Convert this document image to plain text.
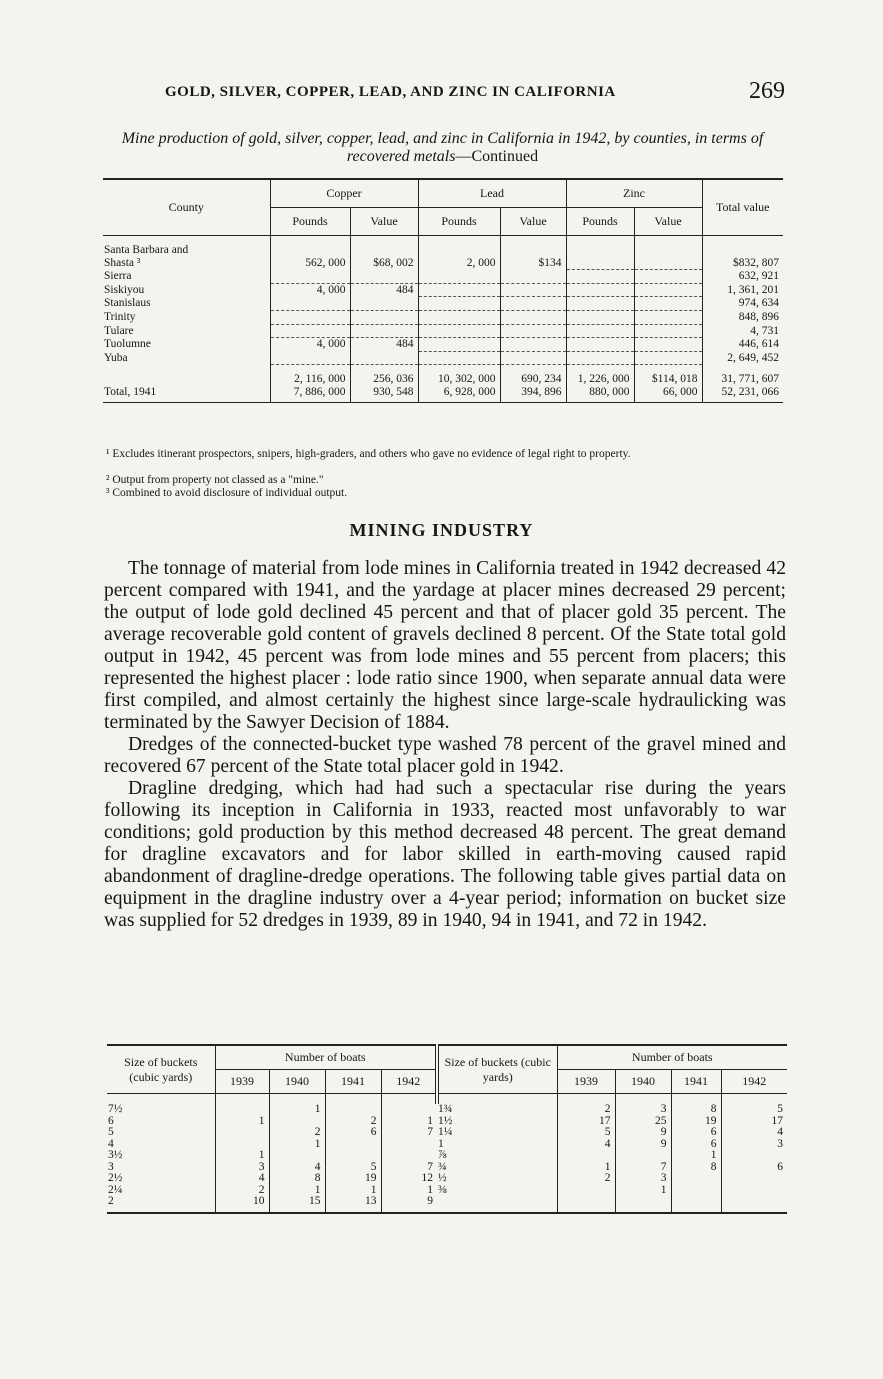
GOLD, SILVER, COPPER, LEAD, AND ZINC IN CALIFORNIA	269
Mine production of gold, silver, copper, lead, and zinc in California in 1942, by counties, in terms of recovered metals—Continued
County	Copper		Lead		Zinc		Total value
	Pounds	Value	Pounds	Value	Pounds	Value	

Santa Barbara and							
Shasta ³	562, 000	$68, 002	2, 000	$134			$832, 807
Sierra							632, 921
Siskiyou	4, 000	484					1, 361, 201
Stanislaus							974, 634
Trinity							848, 896
Tulare							4, 731
Tuolumne	4, 000	484					446, 614
Yuba							2, 649, 452

	2, 116, 000	256, 036	10, 302, 000	690, 234	1, 226, 000	$114, 018	31, 771, 607
Total, 1941	7, 886, 000	930, 548	6, 928, 000	394, 896	880, 000	66, 000	52, 231, 066
¹ Excludes itinerant prospectors, snipers, high-graders, and others who gave no evidence of legal right to property.
² Output from property not classed as a "mine."
³ Combined to avoid disclosure of individual output.
MINING INDUSTRY

The tonnage of material from lode mines in California treated in 1942 decreased 42 percent compared with 1941, and the yardage at placer mines decreased 29 percent; the output of lode gold declined 45 percent and that of placer gold 35 percent. The average recoverable gold content of gravels declined 8 percent. Of the State total gold output in 1942, 45 percent was from lode mines and 55 percent from placers; this represented the highest placer : lode ratio since 1900, when separate annual data were first compiled, and almost certainly the highest since large-scale hydraulicking was terminated by the Sawyer Decision of 1884.

Dredges of the connected-bucket type washed 78 percent of the gravel mined and recovered 67 percent of the State total placer gold in 1942.

Dragline dredging, which had had such a spectacular rise during the years following its inception in California in 1933, reacted most unfavorably to war conditions; gold production by this method decreased 48 percent. The great demand for dragline excavators and for labor skilled in earth-moving caused rapid abandonment of dragline-dredge operations. The following table gives partial data on equipment in the dragline industry over a 4-year period; information on bucket size was supplied for 52 dredges in 1939, 89 in 1940, 94 in 1941, and 72 in 1942.

Size of buckets (cubic yards)	Number of boats				Size of buckets (cubic yards)	Number of boats			
	1939	1940	1941	1942		1939	1940	1941	1942

7½		1			1¾	2	3	8	5
6	1		2	1	1½	17	25	19	17
5		2	6	7	1¼	5	9	6	4
4		1			1	4	9	6	3
3½	1				⅞			1	
3	3	4	5	7	¾	1	7	8	6
2½	4	8	19	12	½	2	3		
2¼	2	1	1	1	⅜		1		
2	10	15	13	9					
